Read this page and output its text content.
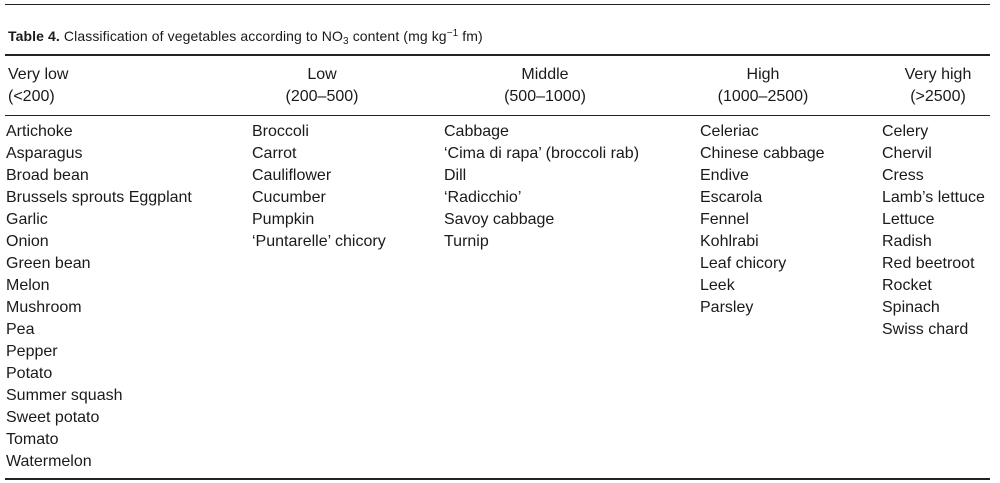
Table 4. Classification of vegetables according to $NO_3$ content (mg $kg^{-1}$ fm)
Very low
(<200)
Low
(200–500)
Middle
(500–1000)
High
(1000–2500)
Very high
(>2500)
Artichoke
Asparagus
Broad bean
Brussels sprouts Eggplant
Garlic
Onion
Green bean
Melon
Mushroom
Pea
Pepper
Potato
Summer squash
Sweet potato
Tomato
Watermelon
Broccoli
Carrot
Cauliflower
Cucumber
Pumpkin
‘Puntarelle’ chicory
Cabbage
‘Cima di rapa’ (broccoli rab)
Dill
‘Radicchio’
Savoy cabbage
Turnip
Celeriac
Chinese cabbage
Endive
Escarola
Fennel
Kohlrabi
Leaf chicory
Leek
Parsley
Celery
Chervil
Cress
Lamb’s lettuce
Lettuce
Radish
Red beetroot
Rocket
Spinach
Swiss chard
